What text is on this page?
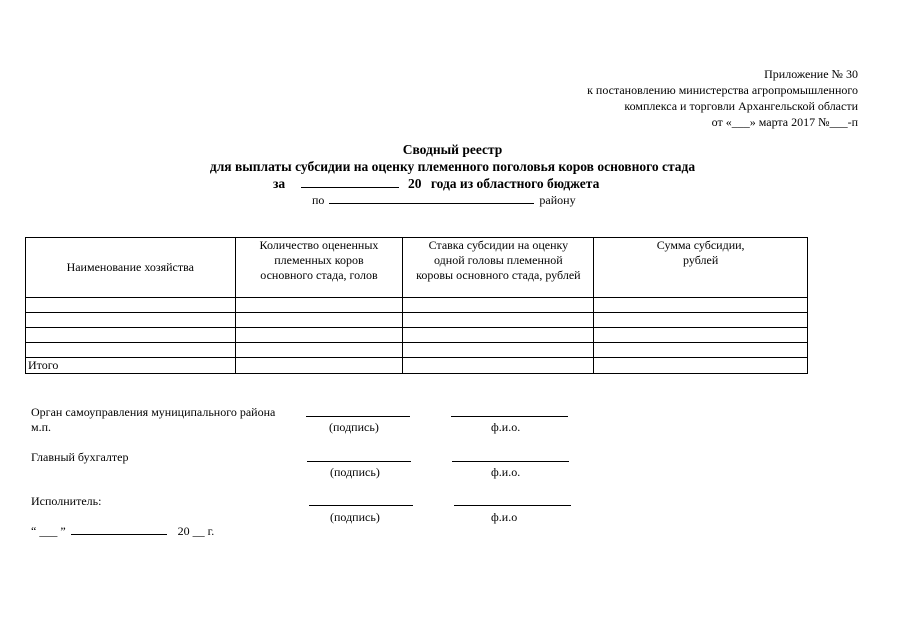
Приложение № 30
к постановлению министерства агропромышленного
комплекса и торговли Архангельской области
от «___» марта 2017 №___-п
Сводный реестр
для выплаты субсидии на оценку племенного поголовья коров основного стада
за	20 года из областного бюджета
по	району
Наименование хозяйства	Количество оцененных племенных коров основного стада, голов	Ставка субсидии на оценку одной головы племенной коровы основного стада, рублей	Сумма субсидии, рублей

Итого			
Орган самоуправления муниципального района
м.п.	(подпись)	ф.и.о.
Главный бухгалтер
(подпись)	ф.и.о.
Исполнитель:
(подпись)	ф.и.о
“ ___ ”	20 __ г.
